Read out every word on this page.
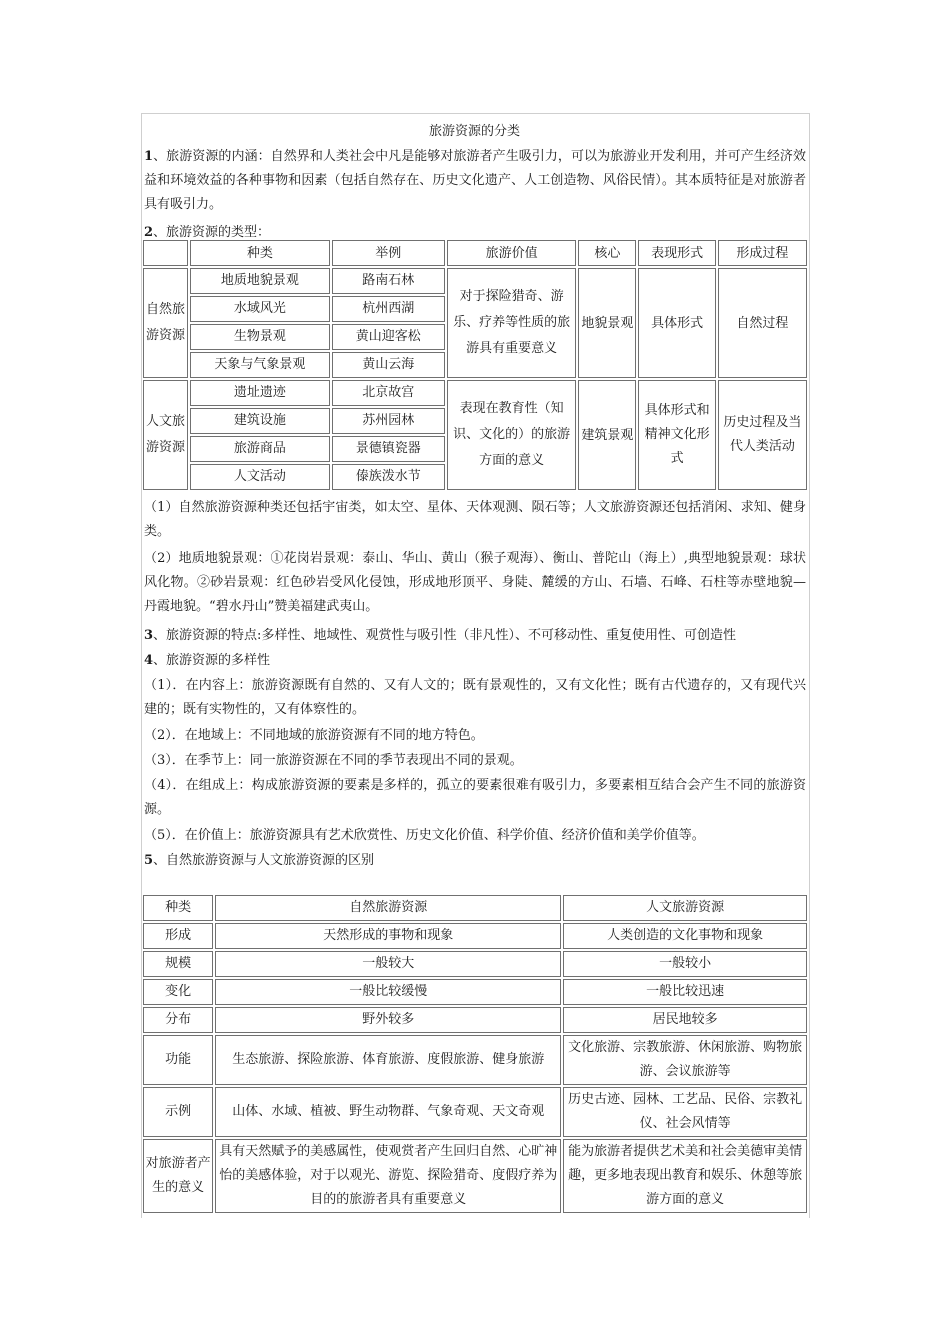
旅游资源的分类
1、旅游资源的内涵：自然界和人类社会中凡是能够对旅游者产生吸引力，可以为旅游业开发利用，并可产生经济效益和环境效益的各种事物和因素（包括自然存在、历史文化遗产、人工创造物、风俗民情）。其本质特征是对旅游者具有吸引力。
2、旅游资源的类型：
	种类	举例	旅游价值	核心	表现形式	形成过程
自然旅游资源	地质地貌景观	路南石林	对于探险猎奇、游乐、疗养等性质的旅游具有重要意义	地貌景观	具体形式	自然过程
	水域风光	杭州西湖				
	生物景观	黄山迎客松				
	天象与气象景观	黄山云海				
人文旅游资源	遗址遗迹	北京故宫	表现在教育性（知识、文化的）的旅游方面的意义	建筑景观	具体形式和精神文化形式	历史过程及当代人类活动
	建筑设施	苏州园林				
	旅游商品	景德镇瓷器				
	人文活动	傣族泼水节				
（1）自然旅游资源种类还包括宇宙类，如太空、星体、天体观测、陨石等；人文旅游资源还包括消闲、求知、健身类。
（2）地质地貌景观：①花岗岩景观：泰山、华山、黄山（猴子观海）、衡山、普陀山（海上）,典型地貌景观：球状风化物。②砂岩景观：红色砂岩受风化侵蚀，形成地形顶平、身陡、麓缓的方山、石墙、石峰、石柱等赤壁地貌—丹霞地貌。“碧水丹山”赞美福建武夷山。
3、旅游资源的特点:多样性、地域性、观赏性与吸引性（非凡性）、不可移动性、重复使用性、可创造性
4、旅游资源的多样性
（1）．在内容上：旅游资源既有自然的、又有人文的；既有景观性的，又有文化性；既有古代遗存的，又有现代兴建的；既有实物性的，又有体察性的。
（2）．在地域上：不同地域的旅游资源有不同的地方特色。
（3）．在季节上：同一旅游资源在不同的季节表现出不同的景观。
（4）．在组成上：构成旅游资源的要素是多样的，孤立的要素很难有吸引力，多要素相互结合会产生不同的旅游资源。
（5）．在价值上：旅游资源具有艺术欣赏性、历史文化价值、科学价值、经济价值和美学价值等。
5、自然旅游资源与人文旅游资源的区别
种类	自然旅游资源	人文旅游资源
形成	天然形成的事物和现象	人类创造的文化事物和现象
规模	一般较大	一般较小
变化	一般比较缓慢	一般比较迅速
分布	野外较多	居民地较多
功能	生态旅游、探险旅游、体育旅游、度假旅游、健身旅游	文化旅游、宗教旅游、休闲旅游、购物旅游、会议旅游等
示例	山体、水域、植被、野生动物群、气象奇观、天文奇观	历史古迹、园林、工艺品、民俗、宗教礼仪、社会风情等
对旅游者产生的意义	具有天然赋予的美感属性，使观赏者产生回归自然、心旷神怡的美感体验，对于以观光、游览、探险猎奇、度假疗养为目的的旅游者具有重要意义	能为旅游者提供艺术美和社会美德审美情趣，更多地表现出教育和娱乐、休憩等旅游方面的意义
